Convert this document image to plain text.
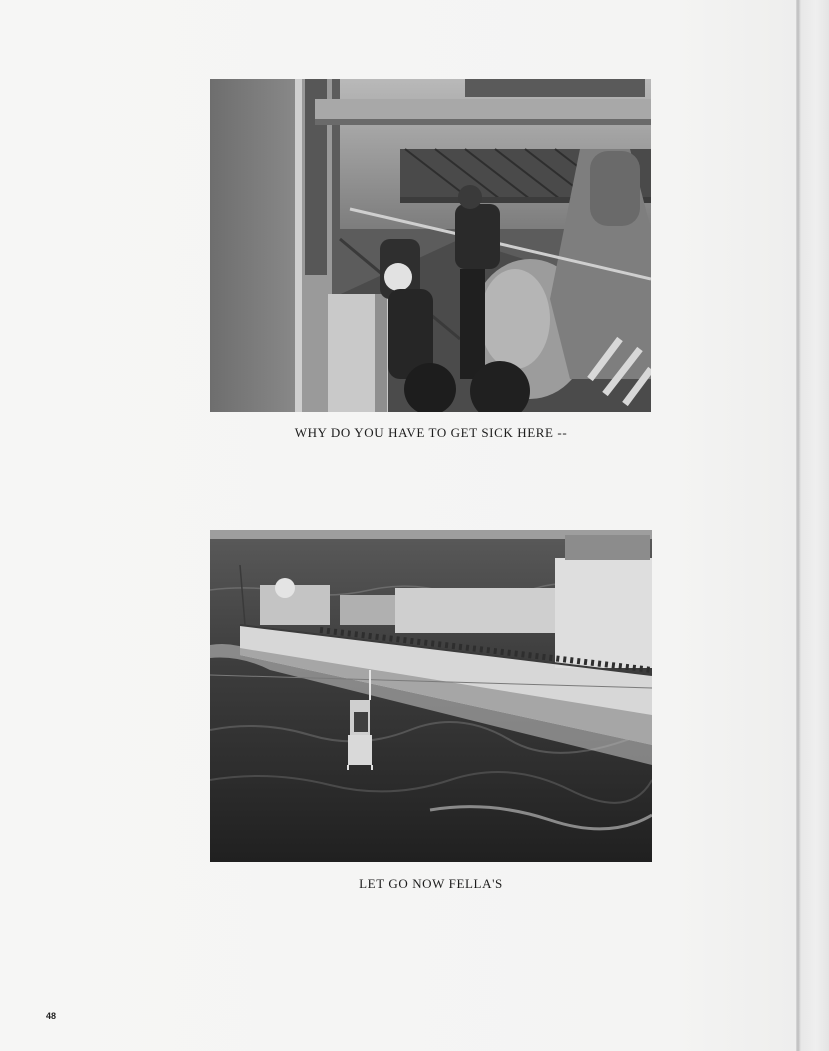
WHY DO YOU HAVE TO GET SICK HERE --
LET GO NOW FELLA'S
48
